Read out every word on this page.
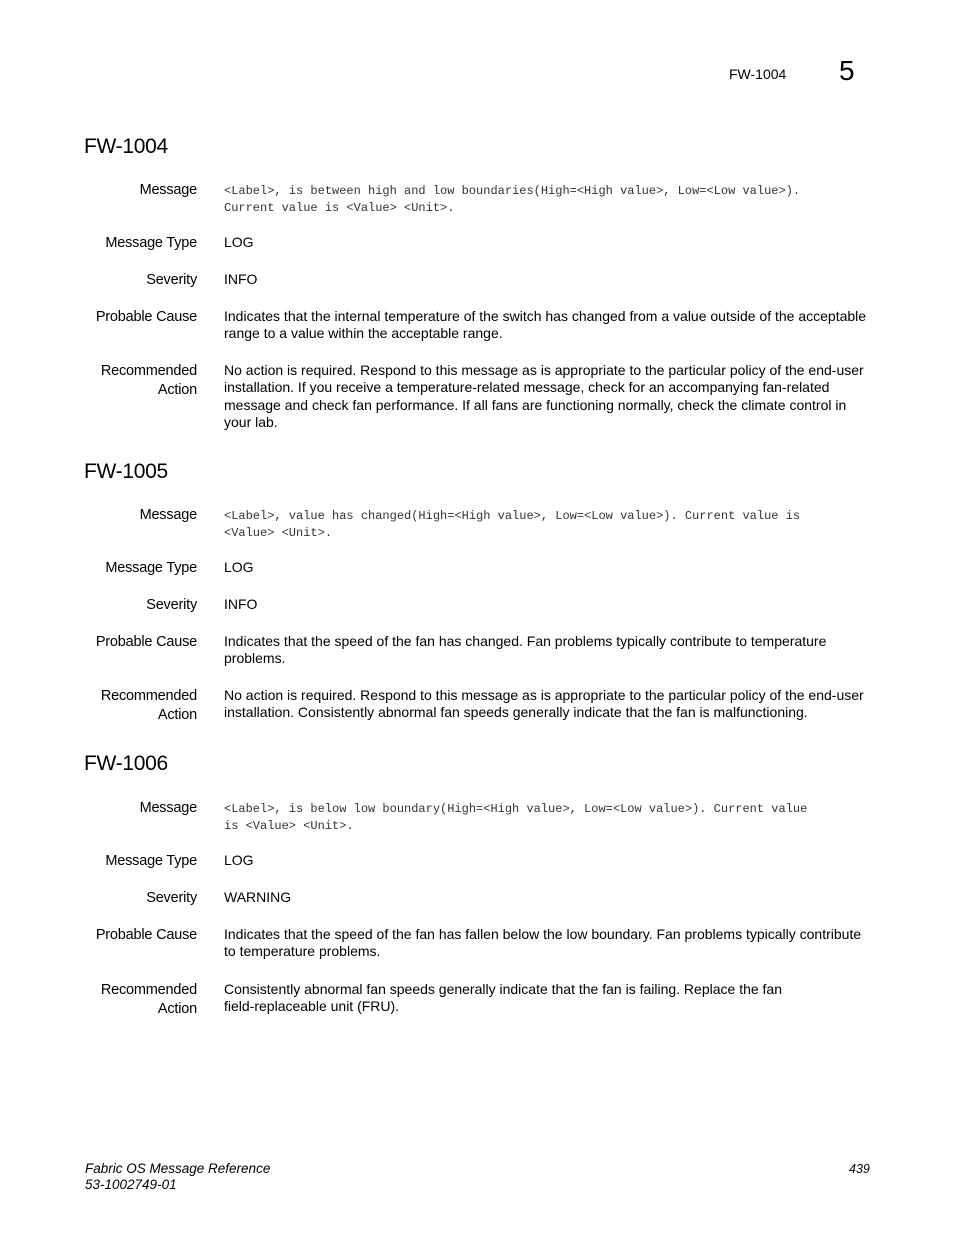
FW-1004 5
FW-1004
Message <Label>, is between high and low boundaries(High=<High value>, Low=<Low value>).
Current value is <Value> <Unit>.
Message Type LOG
Severity INFO
Probable Cause Indicates that the internal temperature of the switch has changed from a value outside of the acceptable
range to a value within the acceptable range.
Recommended
Action
No action is required. Respond to this message as is appropriate to the particular policy of the end-user
installation. If you receive a temperature-related message, check for an accompanying fan-related
message and check fan performance. If all fans are functioning normally, check the climate control in
your lab.
FW-1005
Message <Label>, value has changed(High=<High value>, Low=<Low value>). Current value is
<Value> <Unit>.
Message Type LOG
Severity INFO
Probable Cause Indicates that the speed of the fan has changed. Fan problems typically contribute to temperature
problems.
Recommended
Action
No action is required. Respond to this message as is appropriate to the particular policy of the end-user
installation. Consistently abnormal fan speeds generally indicate that the fan is malfunctioning.
FW-1006
Message <Label>, is below low boundary(High=<High value>, Low=<Low value>). Current value
is <Value> <Unit>.
Message Type LOG
Severity WARNING
Probable Cause Indicates that the speed of the fan has fallen below the low boundary. Fan problems typically contribute
to temperature problems.
Recommended
Action
Consistently abnormal fan speeds generally indicate that the fan is failing. Replace the fan
field-replaceable unit (FRU).
Fabric OS Message Reference
53-1002749-01
439
